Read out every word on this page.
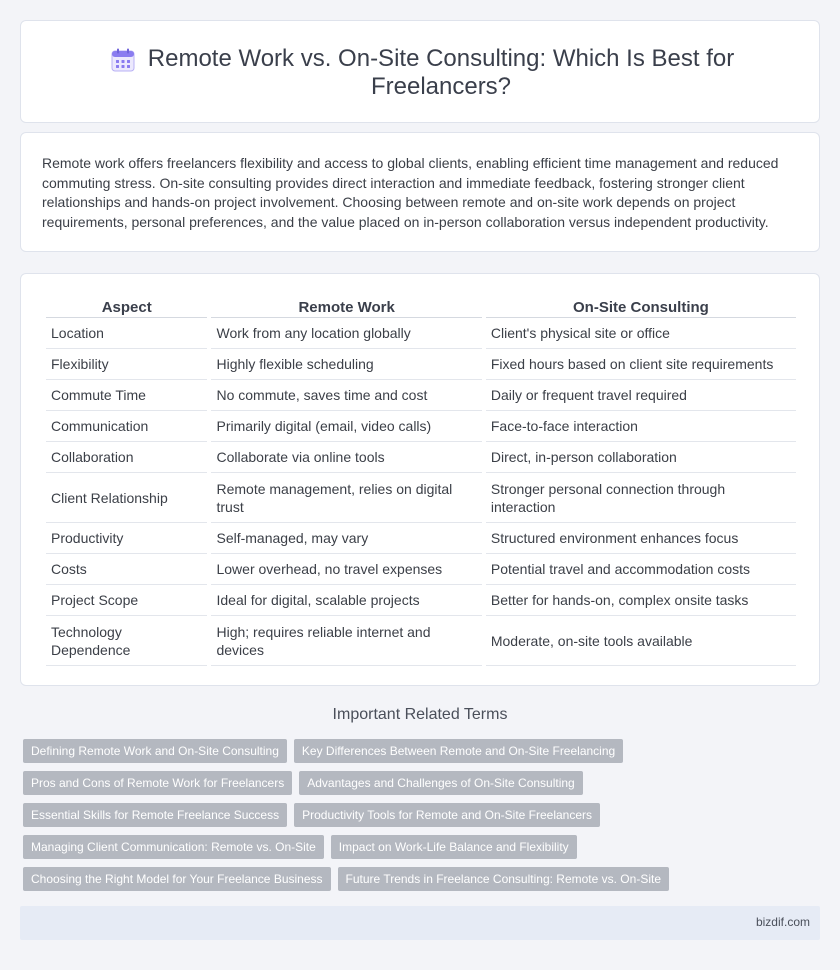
Remote Work vs. On-Site Consulting: Which Is Best for Freelancers?

Remote work offers freelancers flexibility and access to global clients, enabling efficient time management and reduced commuting stress. On-site consulting provides direct interaction and immediate feedback, fostering stronger client relationships and hands-on project involvement. Choosing between remote and on-site work depends on project requirements, personal preferences, and the value placed on in-person collaboration versus independent productivity.

Aspect	Remote Work	On-Site Consulting
Location	Work from any location globally	Client's physical site or office
Flexibility	Highly flexible scheduling	Fixed hours based on client site requirements
Commute Time	No commute, saves time and cost	Daily or frequent travel required
Communication	Primarily digital (email, video calls)	Face-to-face interaction
Collaboration	Collaborate via online tools	Direct, in-person collaboration
Client Relationship	Remote management, relies on digital trust	Stronger personal connection through interaction
Productivity	Self-managed, may vary	Structured environment enhances focus
Costs	Lower overhead, no travel expenses	Potential travel and accommodation costs
Project Scope	Ideal for digital, scalable projects	Better for hands-on, complex onsite tasks
Technology Dependence	High; requires reliable internet and devices	Moderate, on-site tools available
Important Related Terms
Defining Remote Work and On-Site Consulting	Key Differences Between Remote and On-Site Freelancing
Pros and Cons of Remote Work for Freelancers	Advantages and Challenges of On-Site Consulting
Essential Skills for Remote Freelance Success	Productivity Tools for Remote and On-Site Freelancers
Managing Client Communication: Remote vs. On-Site	Impact on Work-Life Balance and Flexibility
Choosing the Right Model for Your Freelance Business	Future Trends in Freelance Consulting: Remote vs. On-Site
bizdif.com
